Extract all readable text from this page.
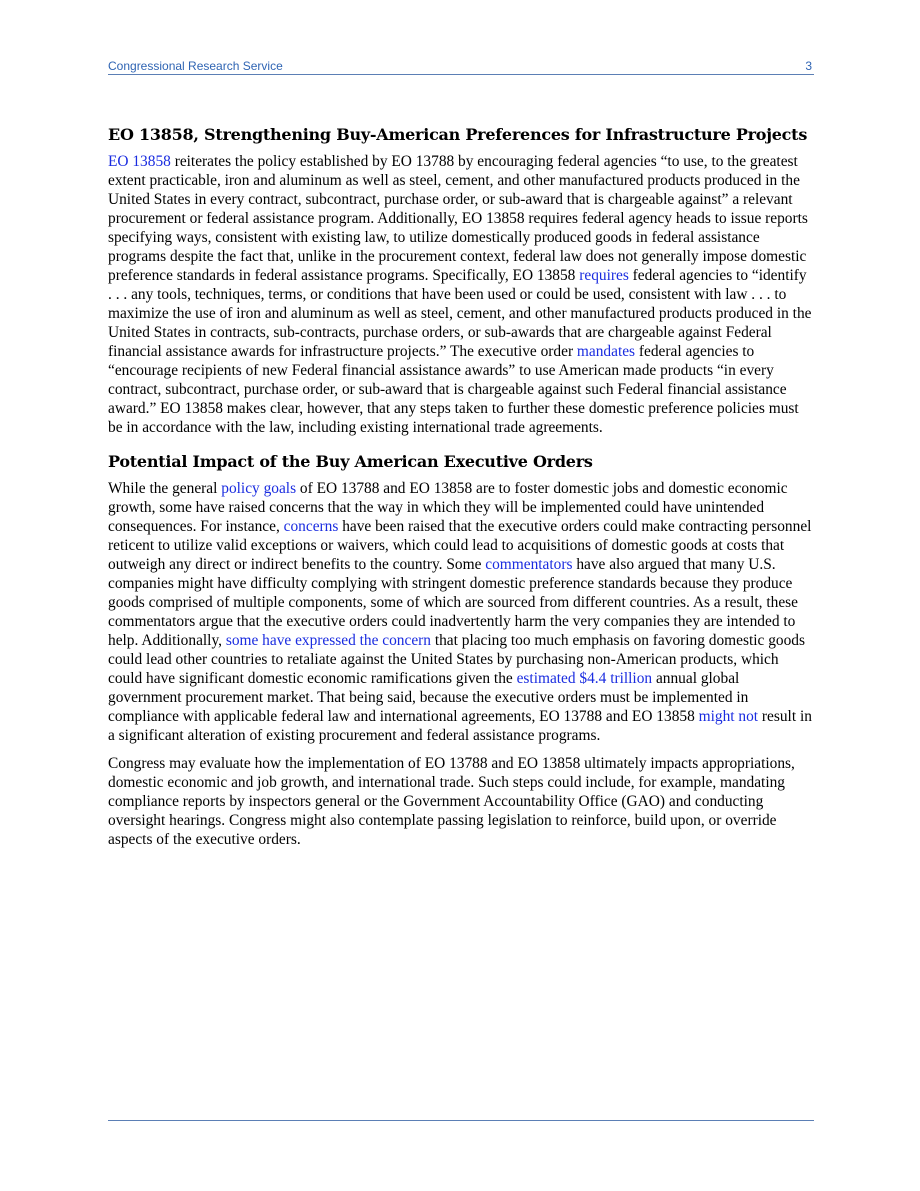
Congressional Research Service	3
EO 13858, Strengthening Buy-American Preferences for Infrastructure Projects

EO 13858 reiterates the policy established by EO 13788 by encouraging federal agencies “to use, to the greatest extent practicable, iron and aluminum as well as steel, cement, and other manufactured products produced in the United States in every contract, subcontract, purchase order, or sub-award that is chargeable against” a relevant procurement or federal assistance program. Additionally, EO 13858 requires federal agency heads to issue reports specifying ways, consistent with existing law, to utilize domestically produced goods in federal assistance programs despite the fact that, unlike in the procurement context, federal law does not generally impose domestic preference standards in federal assistance programs. Specifically, EO 13858 requires federal agencies to “identify . . . any tools, techniques, terms, or conditions that have been used or could be used, consistent with law . . . to maximize the use of iron and aluminum as well as steel, cement, and other manufactured products produced in the United States in contracts, sub-contracts, purchase orders, or sub-awards that are chargeable against Federal financial assistance awards for infrastructure projects.” The executive order mandates federal agencies to “encourage recipients of new Federal financial assistance awards” to use American made products “in every contract, subcontract, purchase order, or sub-award that is chargeable against such Federal financial assistance award.” EO 13858 makes clear, however, that any steps taken to further these domestic preference policies must be in accordance with the law, including existing international trade agreements.

Potential Impact of the Buy American Executive Orders

While the general policy goals of EO 13788 and EO 13858 are to foster domestic jobs and domestic economic growth, some have raised concerns that the way in which they will be implemented could have unintended consequences. For instance, concerns have been raised that the executive orders could make contracting personnel reticent to utilize valid exceptions or waivers, which could lead to acquisitions of domestic goods at costs that outweigh any direct or indirect benefits to the country. Some commentators have also argued that many U.S. companies might have difficulty complying with stringent domestic preference standards because they produce goods comprised of multiple components, some of which are sourced from different countries. As a result, these commentators argue that the executive orders could inadvertently harm the very companies they are intended to help. Additionally, some have expressed the concern that placing too much emphasis on favoring domestic goods could lead other countries to retaliate against the United States by purchasing non-American products, which could have significant domestic economic ramifications given the estimated $4.4 trillion annual global government procurement market. That being said, because the executive orders must be implemented in compliance with applicable federal law and international agreements, EO 13788 and EO 13858 might not result in a significant alteration of existing procurement and federal assistance programs.

Congress may evaluate how the implementation of EO 13788 and EO 13858 ultimately impacts appropriations, domestic economic and job growth, and international trade. Such steps could include, for example, mandating compliance reports by inspectors general or the Government Accountability Office (GAO) and conducting oversight hearings. Congress might also contemplate passing legislation to reinforce, build upon, or override aspects of the executive orders.
